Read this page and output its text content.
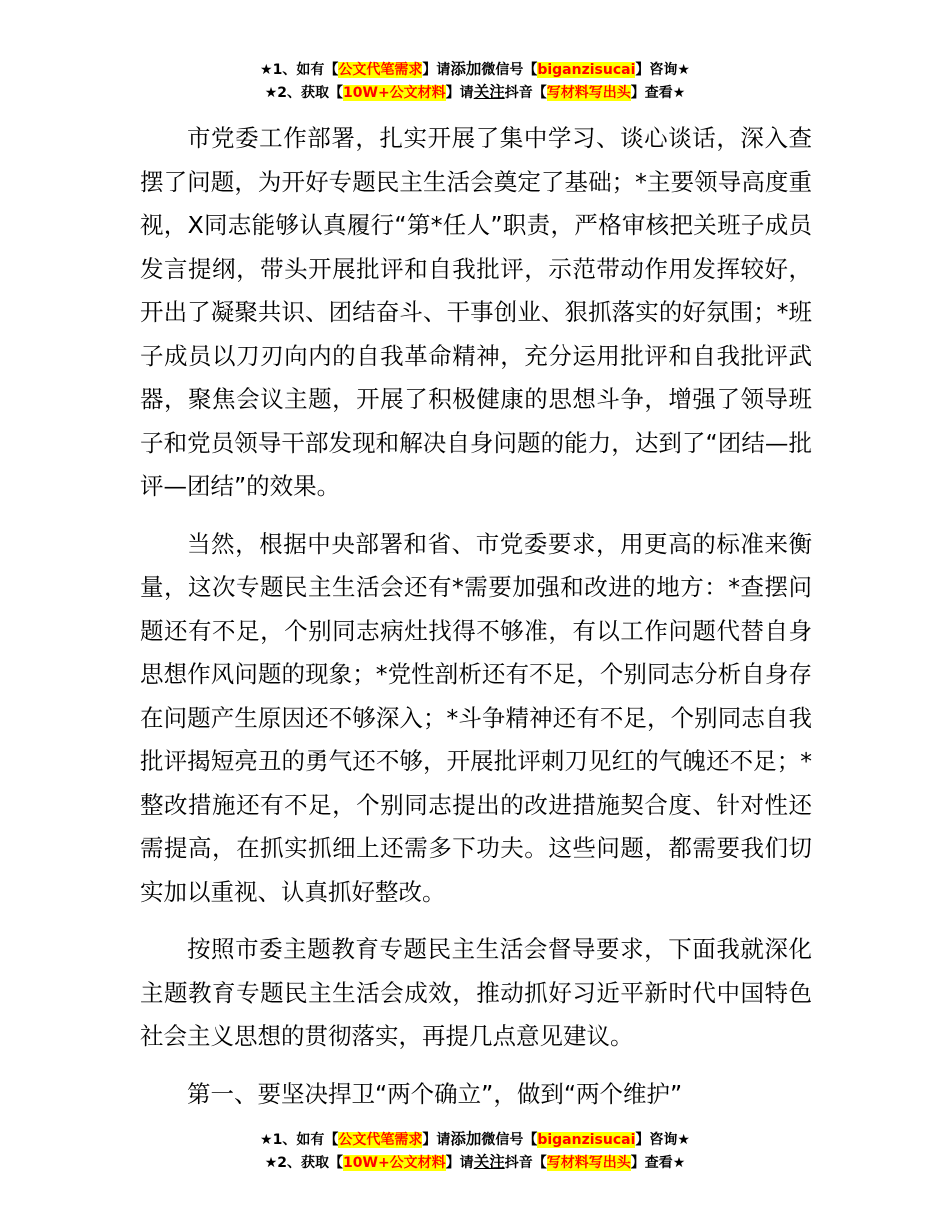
★1、如有【公文代笔需求】请添加微信号【biganzisucai】咨询★
★2、获取【10W+公文材料】请关注抖音【写材料写出头】查看★

市党委工作部署，扎实开展了集中学习、谈心谈话，深入查摆了问题，为开好专题民主生活会奠定了基础；*主要领导高度重视，X同志能够认真履行“第*任人”职责，严格审核把关班子成员发言提纲，带头开展批评和自我批评，示范带动作用发挥较好，开出了凝聚共识、团结奋斗、干事创业、狠抓落实的好氛围；*班子成员以刀刃向内的自我革命精神，充分运用批评和自我批评武器，聚焦会议主题，开展了积极健康的思想斗争，增强了领导班子和党员领导干部发现和解决自身问题的能力，达到了“团结—批评—团结”的效果。

当然，根据中央部署和省、市党委要求，用更高的标准来衡量，这次专题民主生活会还有*需要加强和改进的地方：*查摆问题还有不足，个别同志病灶找得不够准，有以工作问题代替自身思想作风问题的现象；*党性剖析还有不足，个别同志分析自身存在问题产生原因还不够深入；*斗争精神还有不足，个别同志自我批评揭短亮丑的勇气还不够，开展批评刺刀见红的气魄还不足；*整改措施还有不足，个别同志提出的改进措施契合度、针对性还需提高，在抓实抓细上还需多下功夫。这些问题，都需要我们切实加以重视、认真抓好整改。

按照市委主题教育专题民主生活会督导要求，下面我就深化主题教育专题民主生活会成效，推动抓好习近平新时代中国特色社会主义思想的贯彻落实，再提几点意见建议。

第一、要坚决捍卫“两个确立”，做到“两个维护”

★1、如有【公文代笔需求】请添加微信号【biganzisucai】咨询★
★2、获取【10W+公文材料】请关注抖音【写材料写出头】查看★
